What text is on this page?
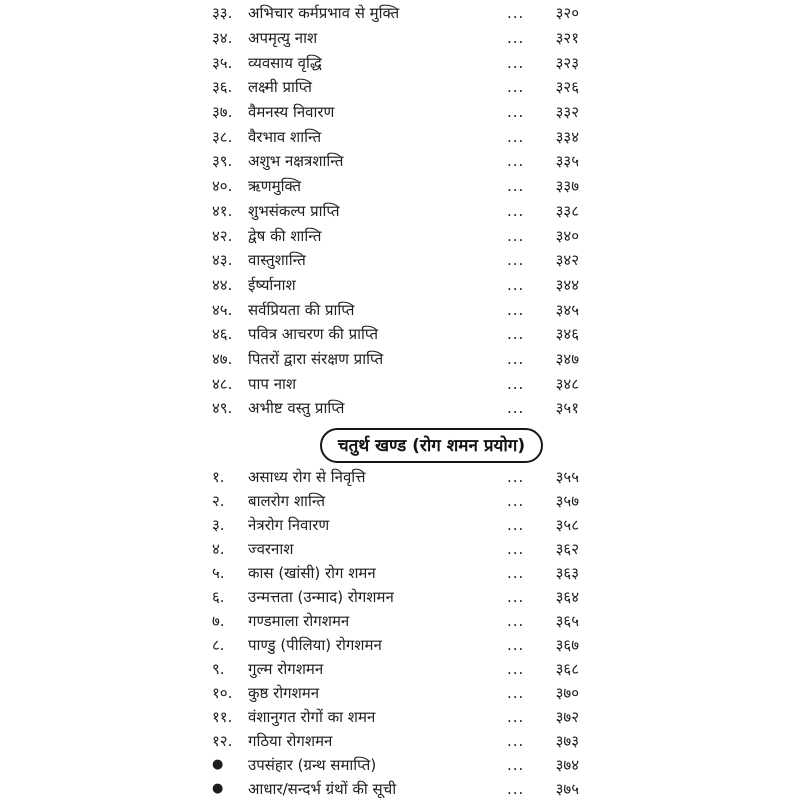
३३.	अभिचार कर्मप्रभाव से मुक्ति	...	३२०
३४.	अपमृत्यु नाश	...	३२१
३५.	व्यवसाय वृद्धि	...	३२३
३६.	लक्ष्मी प्राप्ति	...	३२६
३७.	वैमनस्य निवारण	...	३३२
३८.	वैरभाव शान्ति	...	३३४
३९.	अशुभ नक्षत्रशान्ति	...	३३५
४०.	ऋणमुक्ति	...	३३७
४१.	शुभसंकल्प प्राप्ति	...	३३८
४२.	द्वेष की शान्ति	...	३४०
४३.	वास्तुशान्ति	...	३४२
४४.	ईर्ष्यानाश	...	३४४
४५.	सर्वप्रियता की प्राप्ति	...	३४५
४६.	पवित्र आचरण की प्राप्ति	...	३४६
४७.	पितरों द्वारा संरक्षण प्राप्ति	...	३४७
४८.	पाप नाश	...	३४८
४९.	अभीष्ट वस्तु प्राप्ति	...	३५१
चतुर्थ खण्ड (रोग शमन प्रयोग)
१.	असाध्य रोग से निवृत्ति	...	३५५
२.	बालरोग शान्ति	...	३५७
३.	नेत्ररोग निवारण	...	३५८
४.	ज्वरनाश	...	३६२
५.	कास (खांसी) रोग शमन	...	३६३
६.	उन्मत्तता (उन्माद) रोगशमन	...	३६४
७.	गण्डमाला रोगशमन	...	३६५
८.	पाण्डु (पीलिया) रोगशमन	...	३६७
९.	गुल्म रोगशमन	...	३६८
१०.	कुष्ठ रोगशमन	...	३७०
११.	वंशानुगत रोगों का शमन	...	३७२
१२.	गठिया रोगशमन	...	३७३
●	उपसंहार (ग्रन्थ समाप्ति)	...	३७४
●	आधार/सन्दर्भ ग्रंथों की सूची	...	३७५
